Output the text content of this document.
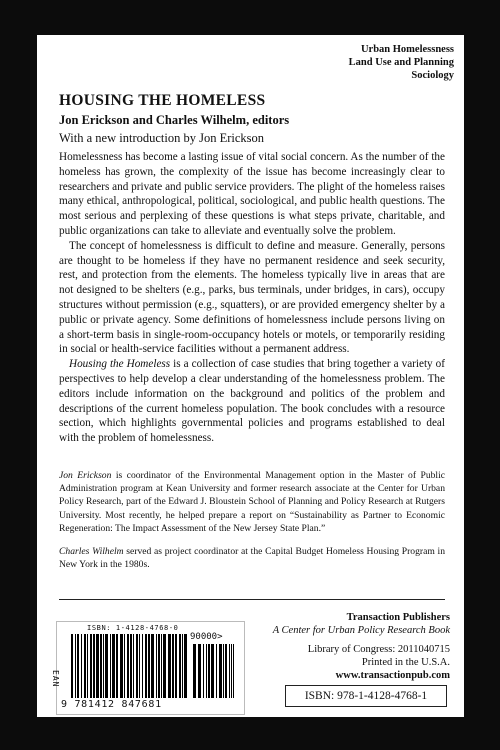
Urban Homelessness
Land Use and Planning
Sociology
HOUSING THE HOMELESS
Jon Erickson and Charles Wilhelm, editors
With a new introduction by Jon Erickson

Homelessness has become a lasting issue of vital social concern. As the number of the homeless has grown, the complexity of the issue has become increasingly clear to researchers and private and public service providers. The plight of the homeless raises many ethical, anthropological, political, sociological, and public health questions. The most serious and perplexing of these questions is what steps private, charitable, and public organizations can take to alleviate and eventually solve the problem.

The concept of homelessness is difficult to define and measure. Generally, persons are thought to be homeless if they have no permanent residence and seek security, rest, and protection from the elements. The homeless typically live in areas that are not designed to be shelters (e.g., parks, bus terminals, under bridges, in cars), occupy structures without permission (e.g., squatters), or are provided emergency shelter by a public or private agency. Some definitions of homelessness include persons living on a short-term basis in single-room-occupancy hotels or motels, or temporarily residing in social or health-service facilities without a permanent address.

Housing the Homeless is a collection of case studies that bring together a variety of perspectives to help develop a clear understanding of the homelessness problem. The editors include information on the background and politics of the problem and descriptions of the current homeless population. The book concludes with a resource section, which highlights governmental policies and programs established to deal with the problem of homelessness.

Jon Erickson is coordinator of the Environmental Management option in the Master of Public Administration program at Kean University and former research associate at the Center for Urban Policy Research, part of the Edward J. Bloustein School of Planning and Policy Research at Rutgers University. Most recently, he helped prepare a report on “Sustainability as Partner to Economic Regeneration: The Impact Assessment of the New Jersey State Plan.”

Charles Wilhelm served as project coordinator at the Capital Budget Homeless Housing Program in New York in the 1980s.

Transaction Publishers
A Center for Urban Policy Research Book
Library of Congress: 2011040715
Printed in the U.S.A.
www.transactionpub.com
ISBN: 1-4128-4768-0
EAN
90000>
9 781412 847681
ISBN: 978-1-4128-4768-1
